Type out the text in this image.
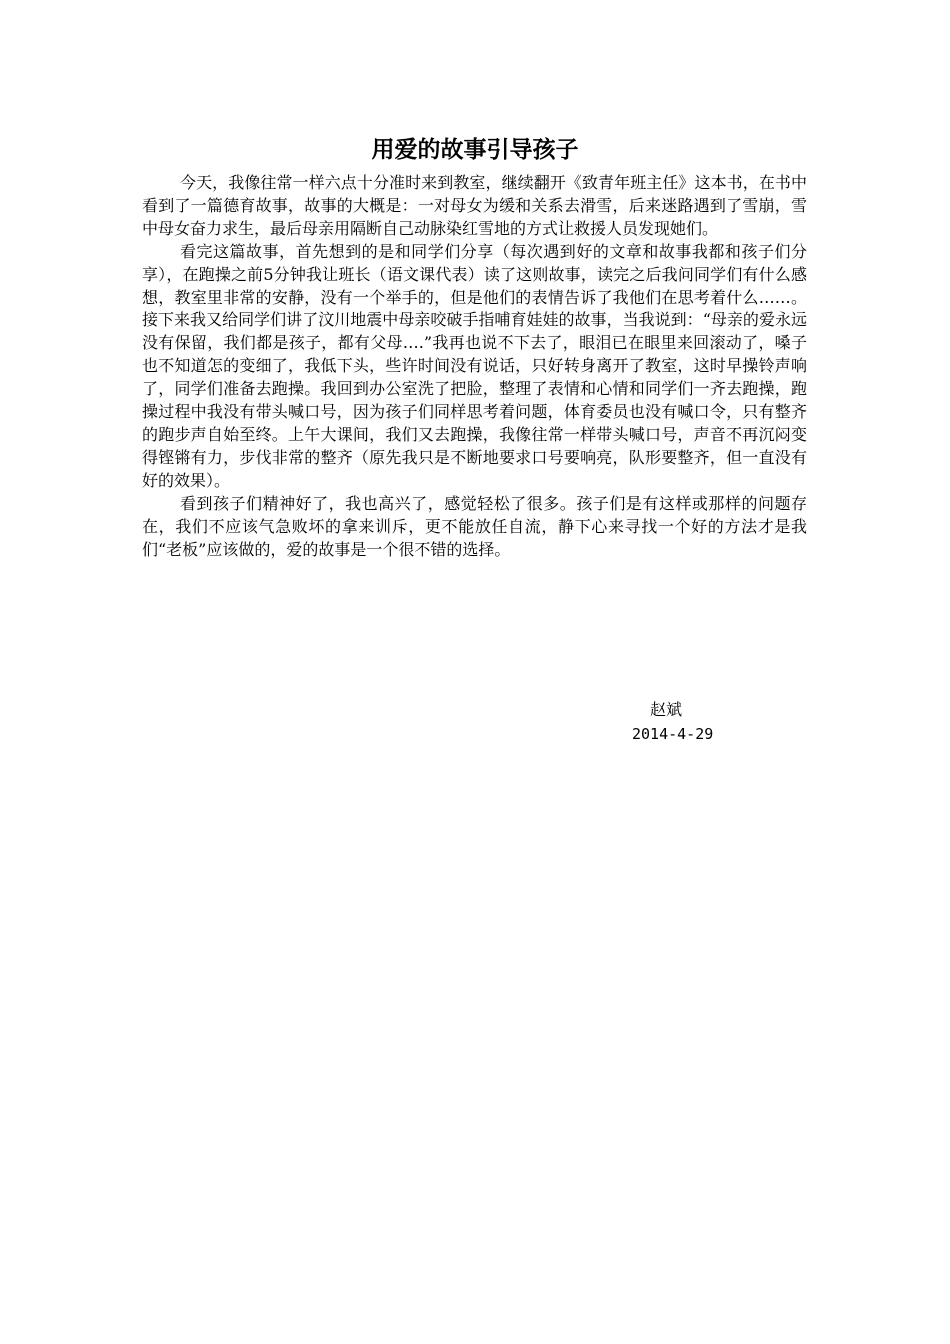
用爱的故事引导孩子

今天，我像往常一样六点十分准时来到教室，继续翻开《致青年班主任》这本书，在书中看到了一篇德育故事，故事的大概是：一对母女为缓和关系去滑雪，后来迷路遇到了雪崩，雪中母女奋力求生，最后母亲用隔断自己动脉染红雪地的方式让救援人员发现她们。

看完这篇故事，首先想到的是和同学们分享（每次遇到好的文章和故事我都和孩子们分享），在跑操之前5分钟我让班长（语文课代表）读了这则故事，读完之后我问同学们有什么感想，教室里非常的安静，没有一个举手的，但是他们的表情告诉了我他们在思考着什么……。接下来我又给同学们讲了汶川地震中母亲咬破手指哺育娃娃的故事，当我说到：“母亲的爱永远没有保留，我们都是孩子，都有父母….”我再也说不下去了，眼泪已在眼里来回滚动了，嗓子也不知道怎的变细了，我低下头，些许时间没有说话，只好转身离开了教室，这时早操铃声响了，同学们准备去跑操。我回到办公室洗了把脸，整理了表情和心情和同学们一齐去跑操，跑操过程中我没有带头喊口号，因为孩子们同样思考着问题，体育委员也没有喊口令，只有整齐的跑步声自始至终。上午大课间，我们又去跑操，我像往常一样带头喊口号，声音不再沉闷变得铿锵有力，步伐非常的整齐（原先我只是不断地要求口号要响亮，队形要整齐，但一直没有好的效果）。

看到孩子们精神好了，我也高兴了，感觉轻松了很多。孩子们是有这样或那样的问题存在，我们不应该气急败坏的拿来训斥，更不能放任自流，静下心来寻找一个好的方法才是我们“老板”应该做的，爱的故事是一个很不错的选择。

赵斌
2014-4-29
